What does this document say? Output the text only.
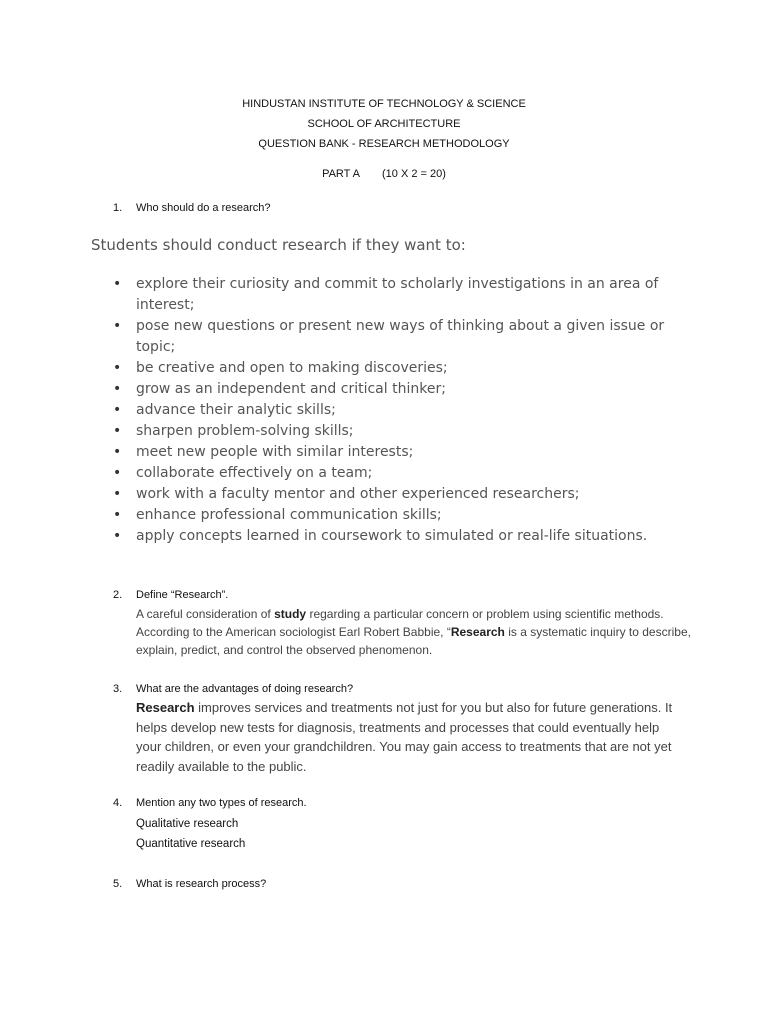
HINDUSTAN INSTITUTE OF TECHNOLOGY & SCIENCE
SCHOOL OF ARCHITECTURE
QUESTION BANK - RESEARCH METHODOLOGY
PART A (10 X 2 = 20)
1. Who should do a research?
Students should conduct research if they want to:
• explore their curiosity and commit to scholarly investigations in an area of interest;
• pose new questions or present new ways of thinking about a given issue or topic;
• be creative and open to making discoveries;
• grow as an independent and critical thinker;
• advance their analytic skills;
• sharpen problem-solving skills;
• meet new people with similar interests;
• collaborate effectively on a team;
• work with a faculty mentor and other experienced researchers;
• enhance professional communication skills;
• apply concepts learned in coursework to simulated or real-life situations.
2. Define “Research”.
A careful consideration of study regarding a particular concern or problem using scientific methods. According to the American sociologist Earl Robert Babbie, “Research is a systematic inquiry to describe, explain, predict, and control the observed phenomenon.
3. What are the advantages of doing research?
Research improves services and treatments not just for you but also for future generations. It helps develop new tests for diagnosis, treatments and processes that could eventually help your children, or even your grandchildren. You may gain access to treatments that are not yet readily available to the public.
4. Mention any two types of research.
Qualitative research
Quantitative research
5. What is research process?
